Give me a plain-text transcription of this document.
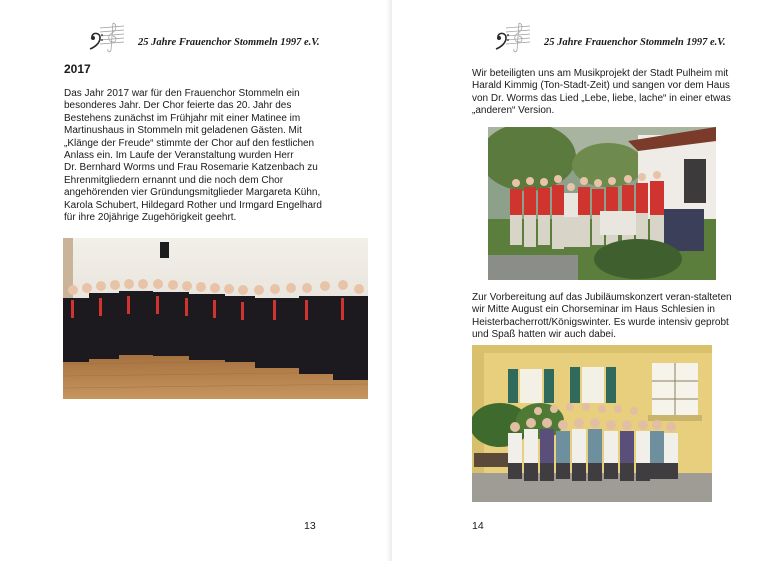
25 Jahre Frauenchor Stommeln 1997 e.V.
2017
Das Jahr 2017 war für den Frauenchor Stommeln ein
besonderes Jahr. Der Chor feierte das 20. Jahr des
Bestehens zunächst im Frühjahr mit einer Matinee im
Martinushaus in Stommeln mit geladenen Gästen. Mit
„Klänge der Freude“ stimmte der Chor auf den festlichen
Anlass ein. Im Laufe der Veranstaltung wurden Herr
Dr. Bernhard Worms und Frau Rosemarie Katzenbach zu
Ehrenmitgliedern ernannt und die noch dem Chor
angehörenden vier Gründungsmitglieder Margareta Kühn,
Karola Schubert, Hildegard Rother und Irmgard Engelhard
für ihre 20jährige Zugehörigkeit geehrt.
13
25 Jahre Frauenchor Stommeln 1997 e.V.
Wir beteiligten uns am Musikprojekt der Stadt Pulheim mit
Harald Kimmig (Ton-Stadt-Zeit) und sangen vor dem Haus
von Dr. Worms das Lied „Lebe, liebe, lache“ in einer etwas
„anderen“ Version.
Zur Vorbereitung auf das Jubiläumskonzert veran-stalteten
wir Mitte August ein Chorseminar im Haus Schlesien in
Heisterbacherrott/Königswinter. Es wurde intensiv geprobt
und Spaß hatten wir auch dabei.
14
